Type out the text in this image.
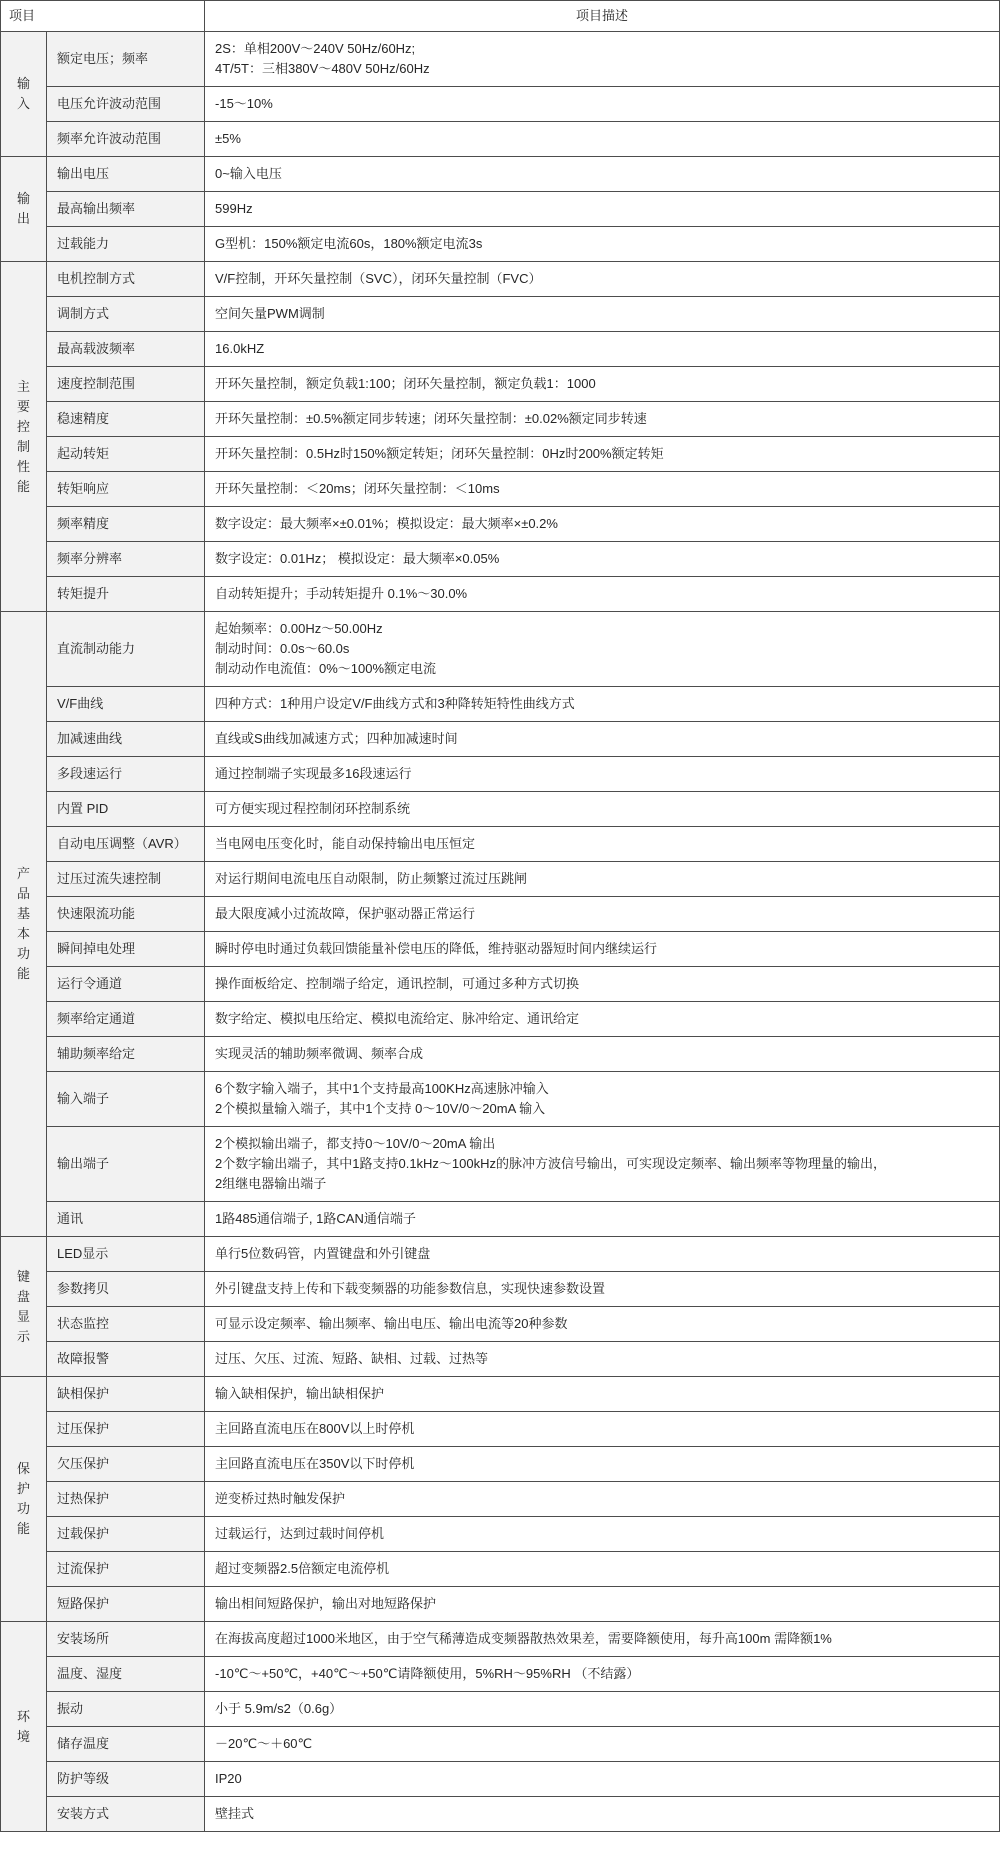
项目		项目描述
输入	额定电压；频率	2S：单相200V～240V 50Hz/60Hz;
4T/5T：三相380V～480V 50Hz/60Hz

	电压允许波动范围	-15～10%

	频率允许波动范围	±5%

输出	输出电压	0~输入电压

	最高输出频率	599Hz

	过载能力	G型机：150%额定电流60s，180%额定电流3s

主要控制性能	电机控制方式	V/F控制，开环矢量控制（SVC），闭环矢量控制（FVC）

	调制方式	空间矢量PWM调制

	最高载波频率	16.0kHZ

	速度控制范围	开环矢量控制，额定负载1:100；闭环矢量控制，额定负载1：1000

	稳速精度	开环矢量控制：±0.5%额定同步转速；闭环矢量控制：±0.02%额定同步转速

	起动转矩	开环矢量控制：0.5Hz时150%额定转矩；闭环矢量控制：0Hz时200%额定转矩

	转矩响应	开环矢量控制：＜20ms；闭环矢量控制：＜10ms

	频率精度	数字设定：最大频率×±0.01%；模拟设定：最大频率×±0.2%

	频率分辨率	数字设定：0.01Hz； 模拟设定：最大频率×0.05%

	转矩提升	自动转矩提升；手动转矩提升 0.1%～30.0%

产品基本功能	直流制动能力	起始频率：0.00Hz～50.00Hz
制动时间：0.0s～60.0s
制动动作电流值：0%～100%额定电流

	V/F曲线	四种方式：1种用户设定V/F曲线方式和3种降转矩特性曲线方式

	加减速曲线	直线或S曲线加减速方式；四种加减速时间

	多段速运行	通过控制端子实现最多16段速运行

	内置 PID	可方便实现过程控制闭环控制系统

	自动电压调整（AVR）	当电网电压变化时，能自动保持输出电压恒定

	过压过流失速控制	对运行期间电流电压自动限制，防止频繁过流过压跳闸

	快速限流功能	最大限度减小过流故障，保护驱动器正常运行

	瞬间掉电处理	瞬时停电时通过负载回馈能量补偿电压的降低，维持驱动器短时间内继续运行

	运行令通道	操作面板给定、控制端子给定，通讯控制，可通过多种方式切换

	频率给定通道	数字给定、模拟电压给定、模拟电流给定、脉冲给定、通讯给定

	辅助频率给定	实现灵活的辅助频率微调、频率合成

	输入端子	6个数字输入端子，其中1个支持最高100KHz高速脉冲输入
2个模拟量输入端子，其中1个支持 0～10V/0～20mA 输入

	输出端子	2个模拟输出端子，都支持0～10V/0～20mA 输出
2个数字输出端子，其中1路支持0.1kHz～100kHz的脉冲方波信号输出，可实现设定频率、输出频率等物理量的输出，
2组继电器输出端子

	通讯	1路485通信端子, 1路CAN通信端子

键盘显示	LED显示	单行5位数码管，内置键盘和外引键盘

	参数拷贝	外引键盘支持上传和下载变频器的功能参数信息，实现快速参数设置

	状态监控	可显示设定频率、输出频率、输出电压、输出电流等20种参数

	故障报警	过压、欠压、过流、短路、缺相、过载、过热等

保护功能	缺相保护	输入缺相保护，输出缺相保护

	过压保护	主回路直流电压在800V以上时停机

	欠压保护	主回路直流电压在350V以下时停机

	过热保护	逆变桥过热时触发保护

	过载保护	过载运行，达到过载时间停机

	过流保护	超过变频器2.5倍额定电流停机

	短路保护	输出相间短路保护，输出对地短路保护

环境	安装场所	在海拔高度超过1000米地区，由于空气稀薄造成变频器散热效果差，需要降额使用，每升高100m 需降额1%

	温度、湿度	-10℃～+50℃，+40℃～+50℃请降额使用，5%RH～95%RH （不结露）

	振动	小于 5.9m/s2（0.6g）

	储存温度	－20℃～＋60℃

	防护等级	IP20

	安装方式	壁挂式
